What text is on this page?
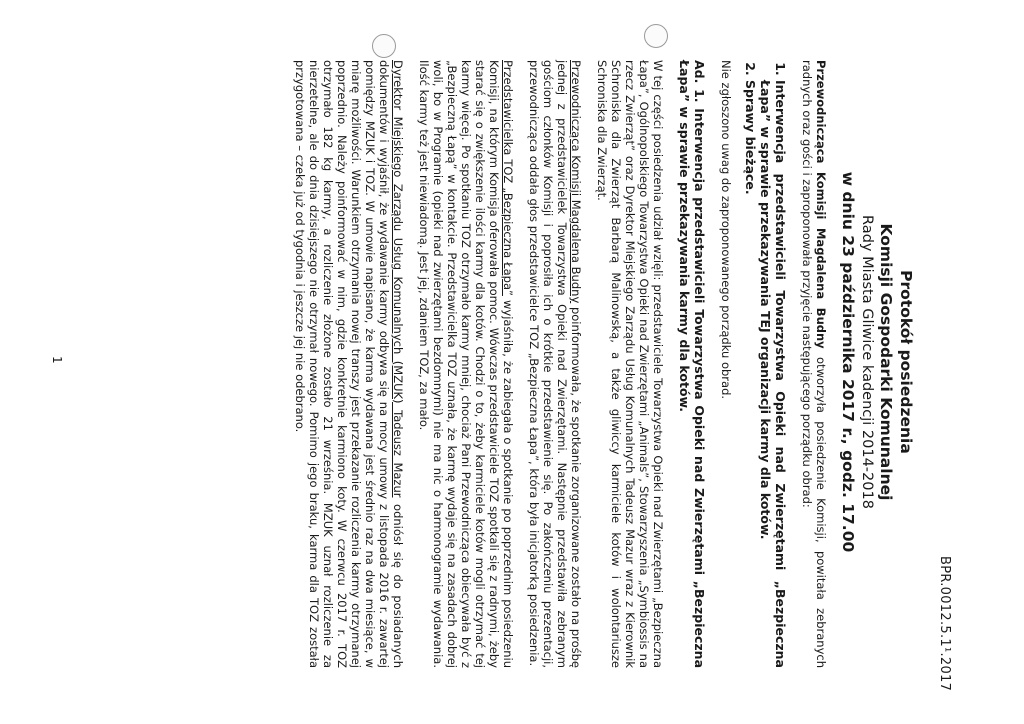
BPR.0012.5.1¹.2017
Protokół posiedzenia
Komisji Gospodarki Komunalnej
Rady Miasta Gliwice kadencji 2014-2018
w dniu 23 października 2017 r., godz. 17.00

Przewodnicząca Komisji Magdalena Budny otworzyła posiedzenie Komisji, powitała zebranych radnych oraz gości i zaproponowała przyjęcie następującego porządku obrad:

1. Interwencja przedstawicieli Towarzystwa Opieki nad Zwierzętami „Bezpieczna Łapa” w sprawie przekazywania TEJ organizacji karmy dla kotów.
2. Sprawy bieżące.

Nie zgłoszono uwag do zaproponowanego porządku obrad.

Ad. 1. Interwencja przedstawicieli Towarzystwa Opieki nad Zwierzętami „Bezpieczna Łapa” w sprawie przekazywania karmy dla kotów.

W tej części posiedzenia udział wzięli: przedstawiciele Towarzystwa Opieki nad Zwierzętami „Bezpieczna Łapa”, Ogólnopolskiego Towarzystwa Opieki nad Zwierzętami „Animals”, Stowarzyszenia „Symbiossis na rzecz Zwierząt” oraz Dyrektor Miejskiego Zarządu Usług Komunalnych Tadeusz Mazur wraz z Kierownik Schroniska dla Zwierząt Barbarą Malinowską, a także gliwiccy karmiciele kotów i wolontariusze Schroniska dla Zwierząt.

Przewodnicząca Komisji Magdalena Budny poinformowała, że spotkanie zorganizowane zostało na prośbę jednej z przedstawicielek Towarzystwa Opieki nad Zwierzętami. Następnie przedstawiła zebranym gościom członków Komisji i poprosiła ich o krótkie przedstawienie się. Po zakończeniu prezentacji, przewodnicząca oddała głos przedstawicielce TOZ „Bezpieczna Łapa”, która była inicjatorką posiedzenia.

Przedstawicielka TOZ „Bezpieczna Łapa” wyjaśniła, że zabiegała o spotkanie po poprzednim posiedzeniu Komisji, na którym Komisja oferowała pomoc. Wówczas przedstawiciele TOZ spotkali się z radnymi, żeby starać się o zwiększenie ilości karmy dla kotów. Chodzi o to, żeby karmiciele kotów mogli otrzymać tej karmy więcej. Po spotkaniu TOZ otrzymało karmy mniej, chociaż Pani Przewodnicząca obiecywała być z „Bezpieczną Łapą” w kontakcie. Przedstawicielka TOZ uznała, że karmę wydaje się na zasadach dobrej woli, bo w Programie (opieki nad zwierzętami bezdomnymi) nie ma nic o harmonogramie wydawania. Ilość karmy też jest niewiadomą. Jest jej, zdaniem TOZ, za mało.

Dyrektor Miejskiego Zarządu Usług Komunalnych (MZUK) Tadeusz Mazur odniósł się do posiadanych dokumentów i wyjaśnił, że wydawanie karmy odbywa się na mocy umowy z listopada 2016 r. zawartej pomiędzy MZUK i TOZ. W umowie napisano, że karma wydawana jest średnio raz na dwa miesiące, w miarę możliwości. Warunkiem otrzymania nowej transzy jest przekazanie rozliczenia karmy otrzymanej poprzednio. Należy poinformować w nim, gdzie konkretnie karmiono koty. W czerwcu 2017 r. TOZ otrzymało 182 kg karmy, a rozliczenie złożone zostało 21 września. MZUK uznał rozliczenie za nierzetelne, ale do dnia dzisiejszego nie otrzymał nowego. Pomimo jego braku, karma dla TOZ została przygotowana – czeka już od tygodnia i jeszcze jej nie odebrano.

1
